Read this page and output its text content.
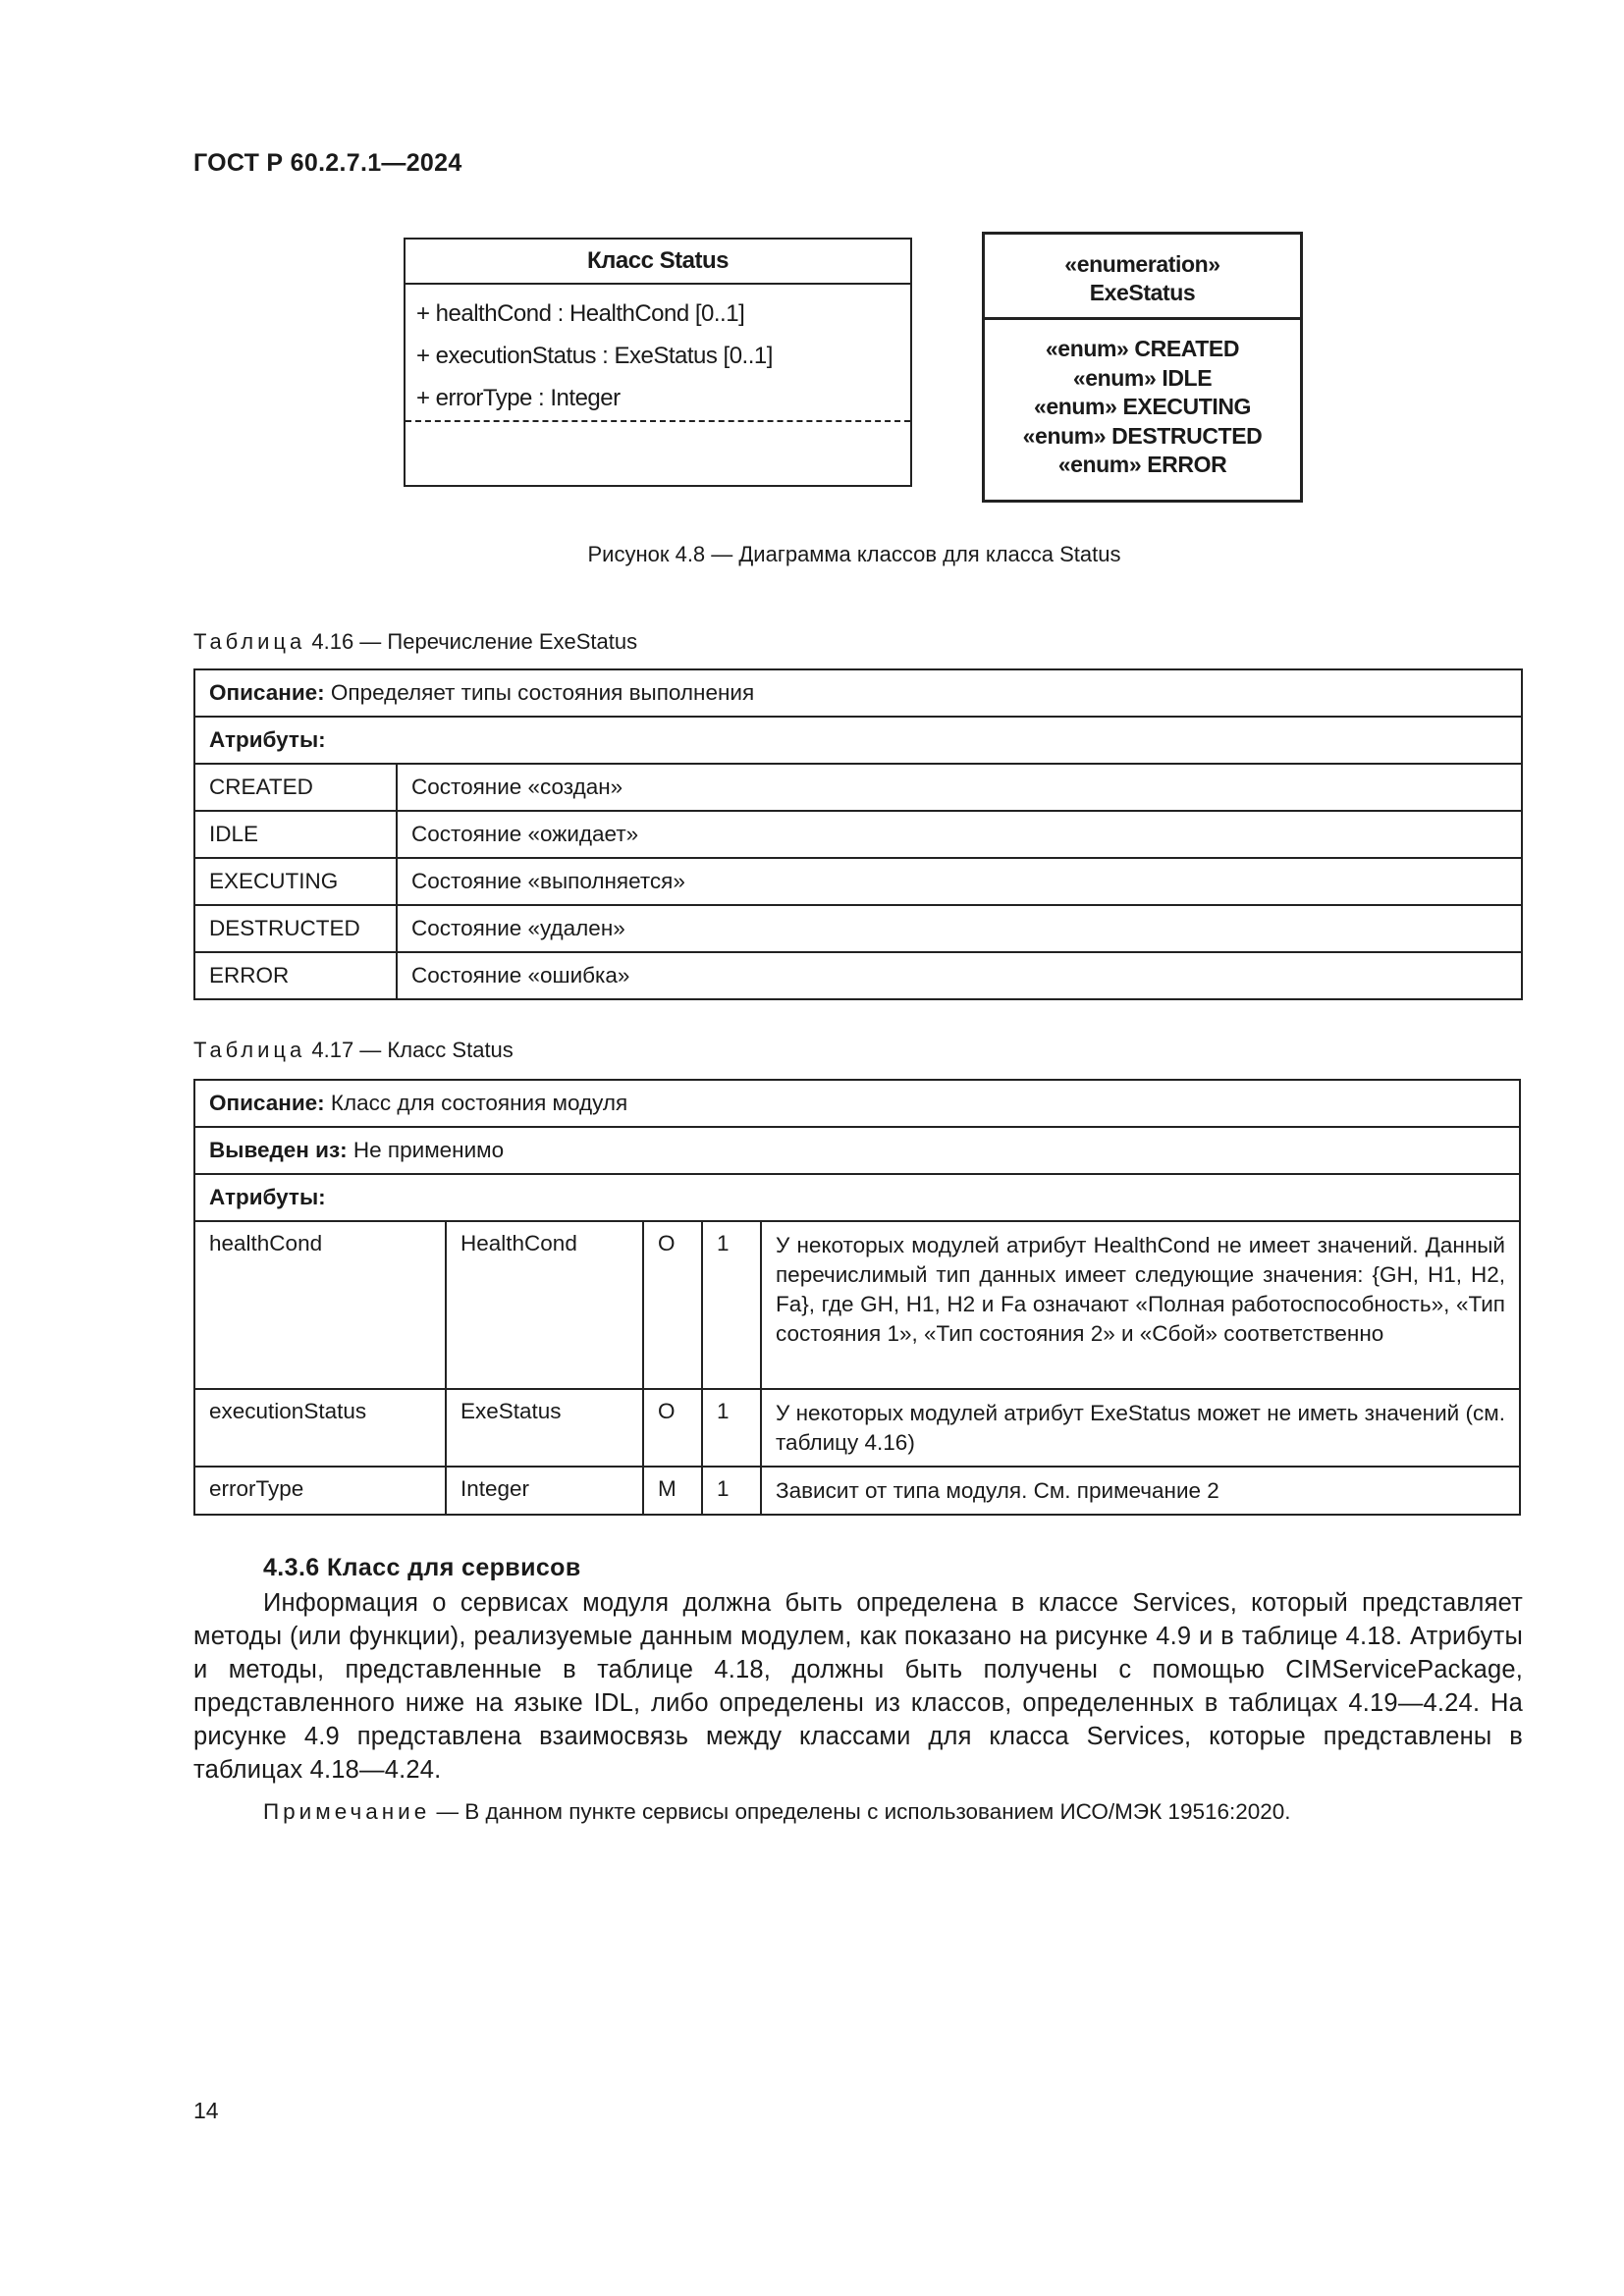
ГОСТ Р 60.2.7.1—2024
Класс Status
+ healthCond : HealthCond [0..1]
+ executionStatus : ExeStatus [0..1]
+ errorType : Integer
«enumeration»
ExeStatus
«enum» CREATED
«enum» IDLE
«enum» EXECUTING
«enum» DESTRUCTED
«enum» ERROR
Рисунок 4.8 — Диаграмма классов для класса Status
Таблица 4.16 — Перечисление ExeStatus
Описание: Определяет типы состояния выполнения
Атрибуты:
CREATED	Состояние «создан»
IDLE	Состояние «ожидает»
EXECUTING	Состояние «выполняется»
DESTRUCTED	Состояние «удален»
ERROR	Состояние «ошибка»
Таблица 4.17 — Класс Status
Описание: Класс для состояния модуля
Выведен из: Не применимо
Атрибуты:
healthCond	HealthCond	O	1	У некоторых модулей атрибут HealthCond не имеет значений. Данный перечислимый тип данных имеет следующие значения: {GH, H1, H2, Fa}, где GH, H1, H2 и Fa означают «Полная работоспособность», «Тип состояния 1», «Тип состояния 2» и «Сбой» соответственно
executionStatus	ExeStatus	O	1	У некоторых модулей атрибут ExeStatus может не иметь значений (см. таблицу 4.16)
errorType	Integer	M	1	Зависит от типа модуля. См. примечание 2
4.3.6 Класс для сервисов
Информация о сервисах модуля должна быть определена в классе Services, который представляет методы (или функции), реализуемые данным модулем, как показано на рисунке 4.9 и в таблице 4.18. Атрибуты и методы, представленные в таблице 4.18, должны быть получены с помощью CIMServicePackage, представленного ниже на языке IDL, либо определены из классов, определенных в таблицах 4.19—4.24. На рисунке 4.9 представлена взаимосвязь между классами для класса Services, которые представлены в таблицах 4.18—4.24.
Примечание — В данном пункте сервисы определены с использованием ИСО/МЭК 19516:2020.
14
